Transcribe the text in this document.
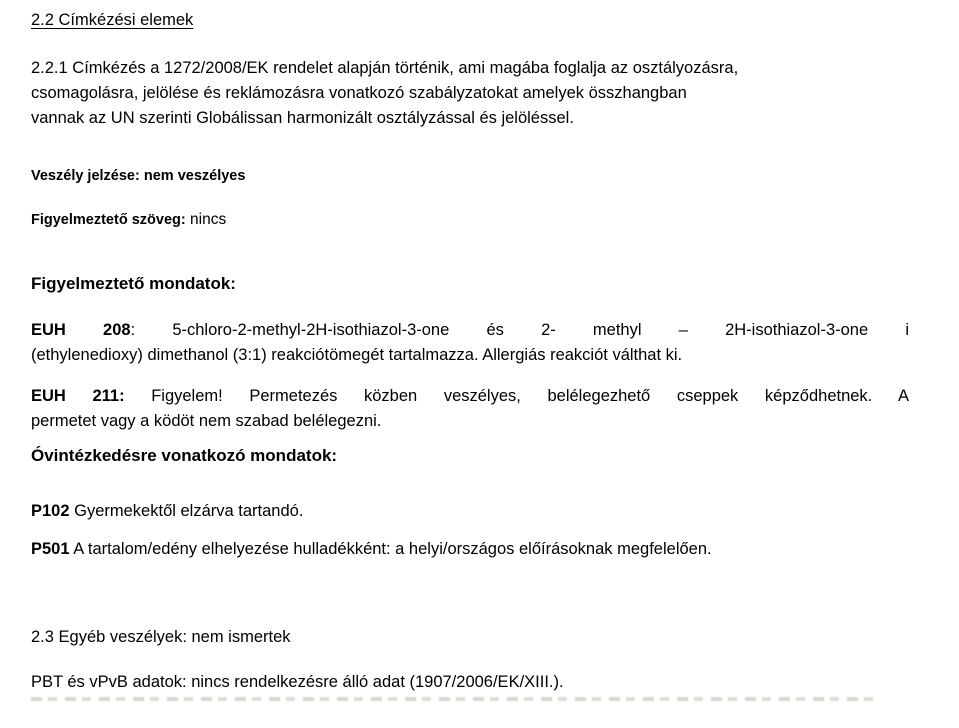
2.2 Címkézési elemek
2.2.1 Címkézés a 1272/2008/EK rendelet alapján történik, ami magába foglalja az osztályozásra,
csomagolásra, jelölése és reklámozásra vonatkozó szabályzatokat amelyek összhangban
vannak az UN szerinti Globálissan harmonizált osztályzással és jelöléssel.
Veszély jelzése: nem veszélyes
Figyelmeztető szöveg: nincs
Figyelmeztető mondatok:
EUH 208: 5-chloro-2-methyl-2H-isothiazol-3-one és 2- methyl – 2H-isothiazol-3-one i
(ethylenedioxy) dimethanol (3:1) reakciótömegét tartalmazza. Allergiás reakciót válthat ki.
EUH 211: Figyelem! Permetezés közben veszélyes, belélegezhető cseppek képződhetnek. A
permetet vagy a ködöt nem szabad belélegezni.
Óvintézkedésre vonatkozó mondatok:
P102 Gyermekektől elzárva tartandó.
P501 A tartalom/edény elhelyezése hulladékként: a helyi/országos előírásoknak megfelelően.
2.3 Egyéb veszélyek: nem ismertek
PBT és vPvB adatok: nincs rendelkezésre álló adat (1907/2006/EK/XIII.).
